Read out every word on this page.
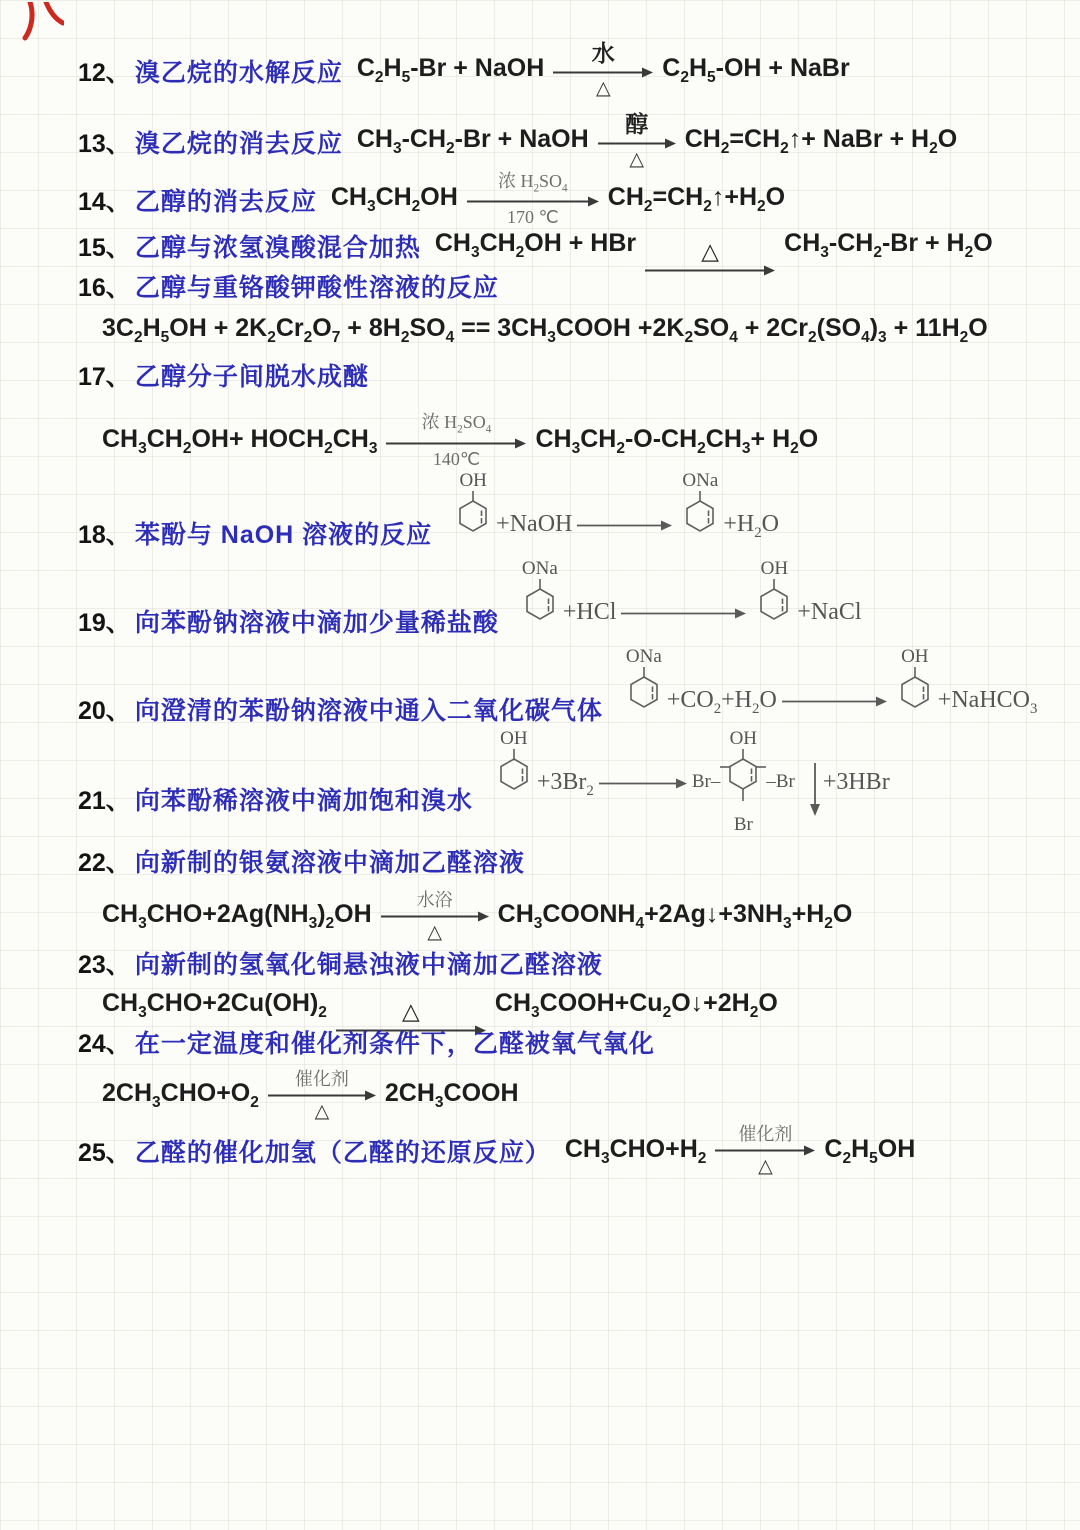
12、 溴乙烷的水解反应 $C_2H_5-Br$ + NaOH
水
△
$C_2H_5-OH$ + NaBr
13、 溴乙烷的消去反应 $CH_3-CH_2-Br$ + NaOH
醇
△
$CH_2=CH_2↑+$ NaBr + $H_2O$
14、 乙醇的消去反应 $CH_3CH_2OH$
浓 $H_2SO_4$
170 ℃
$CH_2=CH_2↑+H_2O$
15、 乙醇与浓氢溴酸混合加热 $CH_3CH_2OH$ + HBr	△	$CH_3-CH_2-Br + H_2O$
16、 乙醇与重铬酸钾酸性溶液的反应
$3C_2H_5OH + 2K_2Cr_2O_7 + 8H_2SO_4$ == $3CH_3COOH +2K_2SO_4 + 2Cr_2(SO_4)_3 + 11H_2O$
17、 乙醇分子间脱水成醚
$CH_3CH_2OH+$ $HOCH_2CH_3$
浓 $H_2SO_4$
140℃
$CH_3CH_2-O-CH_2CH_3+ H_2O$
18、 苯酚与 NaOH 溶液的反应
OH
+NaOH
ONa
$+H_2O$
19、 向苯酚钠溶液中滴加少量稀盐酸
ONa
+HCl
OH
+NaCl
20、 向澄清的苯酚钠溶液中通入二氧化碳气体
ONa
$+CO_2+H_2O$
OH
+NaHCO$_3$
21、 向苯酚稀溶液中滴加饱和溴水
OH
$+3Br_2$
OH
Br– –Br
Br
+3HBr
22、 向新制的银氨溶液中滴加乙醛溶液
$CH_3CHO+2Ag(NH_3)_2OH$
水浴
△
$CH_3COONH_4+2Ag↓+3NH_3+H_2O$
23、 向新制的氢氧化铜悬浊液中滴加乙醛溶液
$CH_3CHO+2Cu(OH)_2$	△	$CH_3COOH+Cu_2O↓+2H_2O$
24、 在一定温度和催化剂条件下，乙醛被氧气氧化
$2CH_3CHO+O_2$
催化剂
△
$2CH_3COOH$
25、 乙醛的催化加氢（乙醛的还原反应） $CH_3CHO+H_2$
催化剂
△
$C_2H_5OH$
